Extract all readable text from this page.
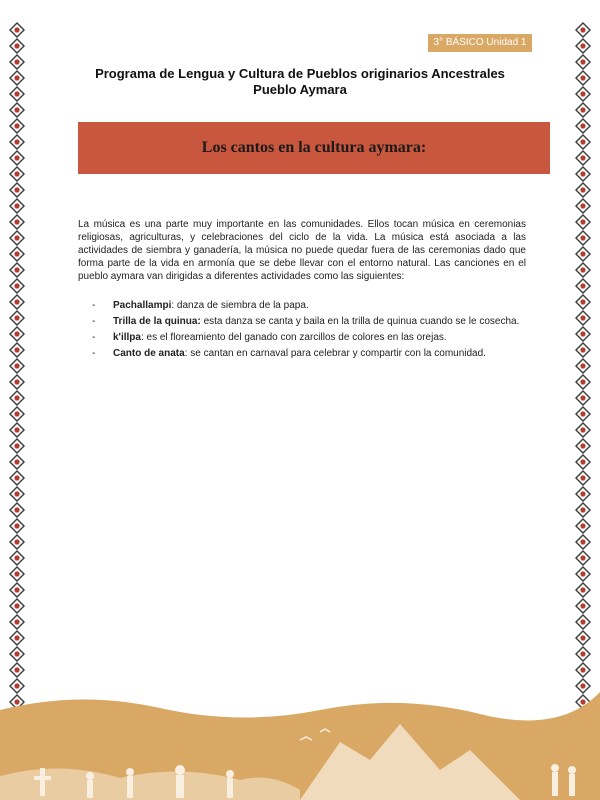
3° BÁSICO Unidad 1
Programa de Lengua y Cultura de Pueblos originarios Ancestrales
Pueblo Aymara
Los cantos en la cultura aymara:

La música es una parte muy importante en las comunidades. Ellos tocan música en ceremonias religiosas, agriculturas, y celebraciones del ciclo de la vida. La música está asociada a las actividades de siembra y ganadería, la música no puede quedar fuera de las ceremonias dado que forma parte de la vida en armonía que se debe llevar con el entorno natural. Las canciones en el pueblo aymara van dirigidas a diferentes actividades como las siguientes:

- Pachallampi: danza de siembra de la papa.
- Trilla de la quinua: esta danza se canta y baila en la trilla de quinua cuando se le cosecha.
- k'illpa: es el floreamiento del ganado con zarcillos de colores en las orejas.
- Canto de anata: se cantan en carnaval para celebrar y compartir con la comunidad.
